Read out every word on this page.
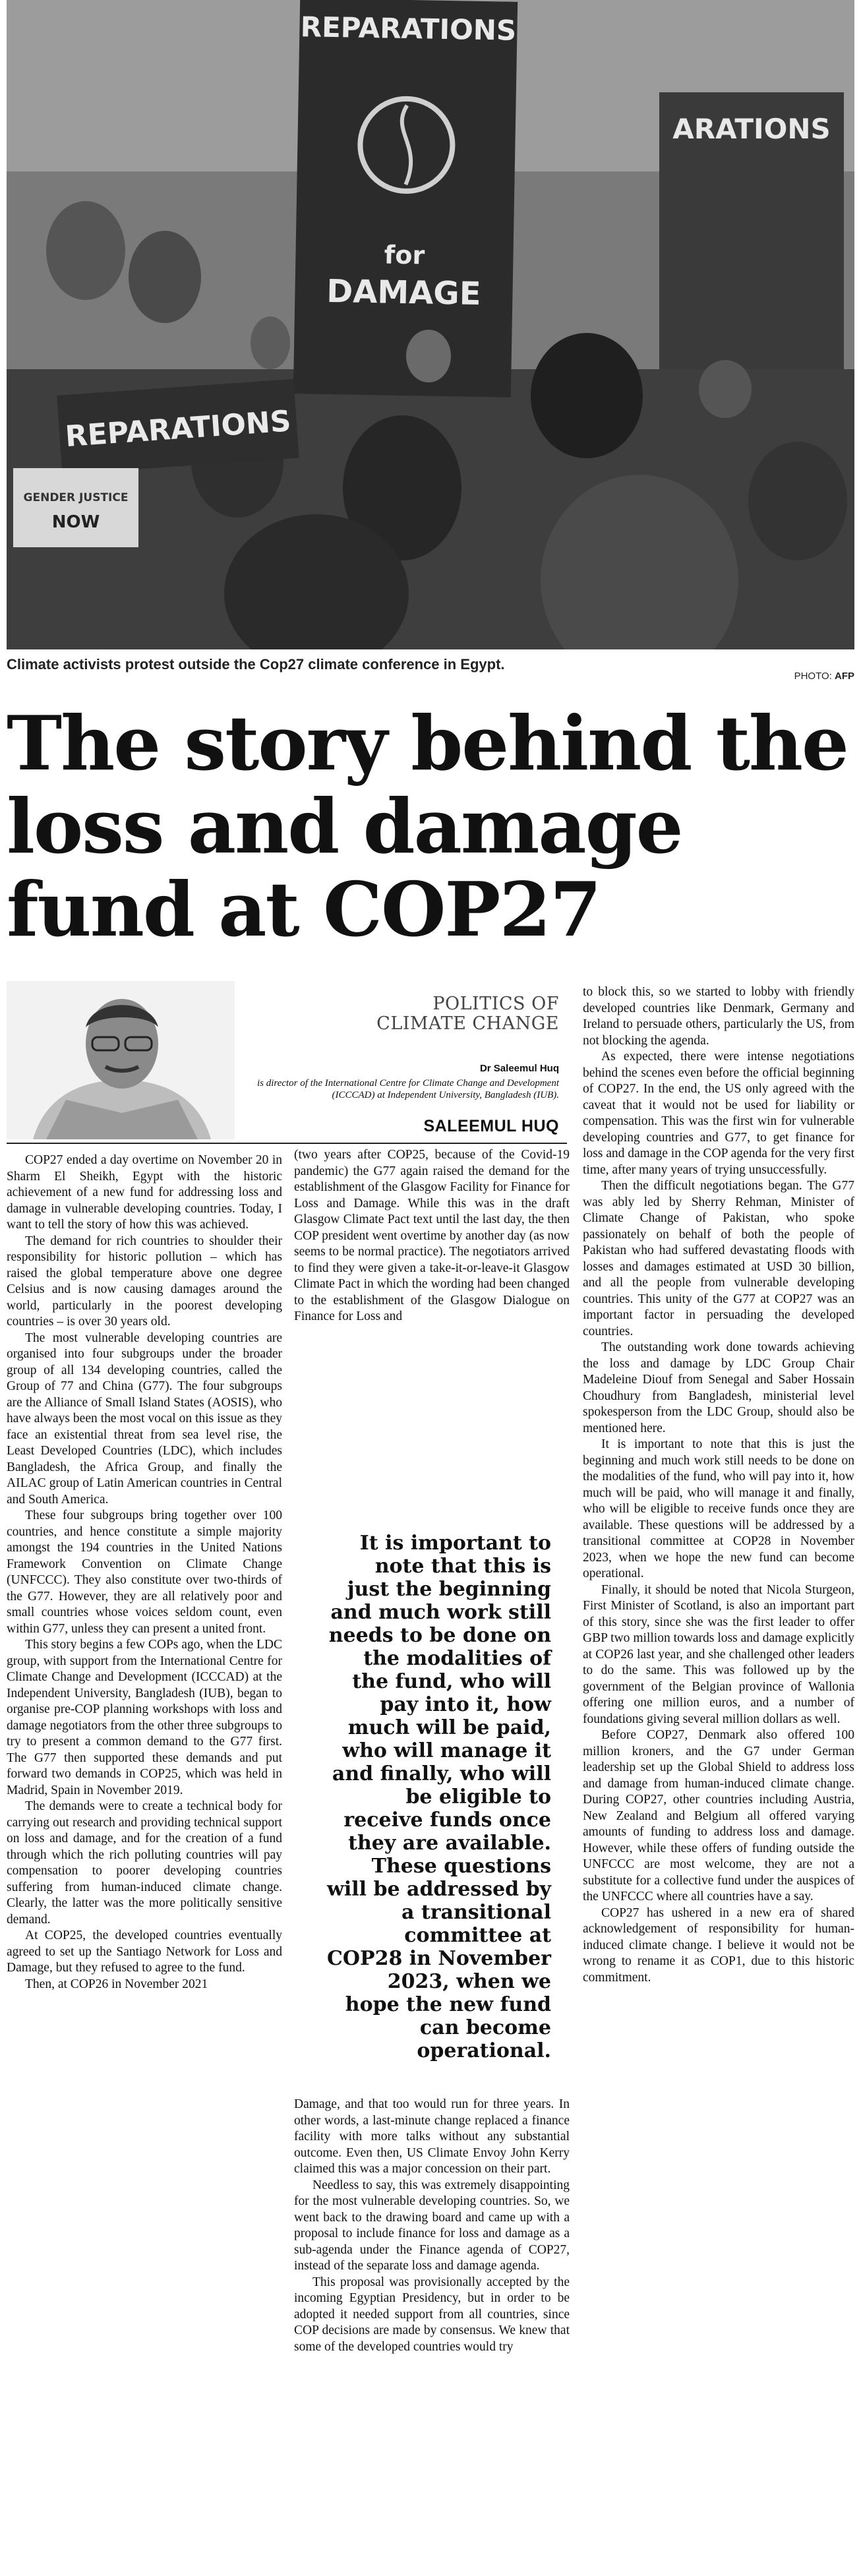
REPARATIONS
for
DAMAGE
ARATIONS
REPARATIONS
GENDER JUSTICE
NOW
Climate activists protest outside the Cop27 climate conference in Egypt.
PHOTO: AFP
The story behind the loss and damage fund at COP27
POLITICS OF
CLIMATE CHANGE
Dr Saleemul Huq
is director of the International Centre for Climate Change and Development (ICCCAD) at Independent University, Bangladesh (IUB).
SALEEMUL HUQ

COP27 ended a day overtime on November 20 in Sharm El Sheikh, Egypt with the historic achievement of a new fund for addressing loss and damage in vulnerable developing countries. Today, I want to tell the story of how this was achieved.

The demand for rich countries to shoulder their responsibility for historic pollution – which has raised the global temperature above one degree Celsius and is now causing damages around the world, particularly in the poorest developing countries – is over 30 years old.

The most vulnerable developing countries are organised into four subgroups under the broader group of all 134 developing countries, called the Group of 77 and China (G77). The four subgroups are the Alliance of Small Island States (AOSIS), who have always been the most vocal on this issue as they face an existential threat from sea level rise, the Least Developed Countries (LDC), which includes Bangladesh, the Africa Group, and finally the AILAC group of Latin American countries in Central and South America.

These four subgroups bring together over 100 countries, and hence constitute a simple majority amongst the 194 countries in the United Nations Framework Convention on Climate Change (UNFCCC). They also constitute over two-thirds of the G77. However, they are all relatively poor and small countries whose voices seldom count, even within G77, unless they can present a united front.

This story begins a few COPs ago, when the LDC group, with support from the International Centre for Climate Change and Development (ICCCAD) at the Independent University, Bangladesh (IUB), began to organise pre-COP planning workshops with loss and damage negotiators from the other three subgroups to try to present a common demand to the G77 first. The G77 then supported these demands and put forward two demands in COP25, which was held in Madrid, Spain in November 2019.

The demands were to create a technical body for carrying out research and providing technical support on loss and damage, and for the creation of a fund through which the rich polluting countries will pay compensation to poorer developing countries suffering from human-induced climate change. Clearly, the latter was the more politically sensitive demand.

At COP25, the developed countries eventually agreed to set up the Santiago Network for Loss and Damage, but they refused to agree to the fund.

Then, at COP26 in November 2021

(two years after COP25, because of the Covid-19 pandemic) the G77 again raised the demand for the establishment of the Glasgow Facility for Finance for Loss and Damage. While this was in the draft Glasgow Climate Pact text until the last day, the then COP president went overtime by another day (as now seems to be normal practice). The negotiators arrived to find they were given a take-it-or-leave-it Glasgow Climate Pact in which the wording had been changed to the establishment of the Glasgow Dialogue on Finance for Loss and

It is important to note that this is just the beginning and much work still needs to be done on the modalities of the fund, who will pay into it, how much will be paid, who will manage it and finally, who will be eligible to receive funds once they are available. These questions will be addressed by a transitional committee at COP28 in November 2023, when we hope the new fund can become operational.

Damage, and that too would run for three years. In other words, a last-minute change replaced a finance facility with more talks without any substantial outcome. Even then, US Climate Envoy John Kerry claimed this was a major concession on their part.

Needless to say, this was extremely disappointing for the most vulnerable developing countries. So, we went back to the drawing board and came up with a proposal to include finance for loss and damage as a sub-agenda under the Finance agenda of COP27, instead of the separate loss and damage agenda.

This proposal was provisionally accepted by the incoming Egyptian Presidency, but in order to be adopted it needed support from all countries, since COP decisions are made by consensus. We knew that some of the developed countries would try

to block this, so we started to lobby with friendly developed countries like Denmark, Germany and Ireland to persuade others, particularly the US, from not blocking the agenda.

As expected, there were intense negotiations behind the scenes even before the official beginning of COP27. In the end, the US only agreed with the caveat that it would not be used for liability or compensation. This was the first win for vulnerable developing countries and G77, to get finance for loss and damage in the COP agenda for the very first time, after many years of trying unsuccessfully.

Then the difficult negotiations began. The G77 was ably led by Sherry Rehman, Minister of Climate Change of Pakistan, who spoke passionately on behalf of both the people of Pakistan who had suffered devastating floods with losses and damages estimated at USD 30 billion, and all the people from vulnerable developing countries. This unity of the G77 at COP27 was an important factor in persuading the developed countries.

The outstanding work done towards achieving the loss and damage by LDC Group Chair Madeleine Diouf from Senegal and Saber Hossain Choudhury from Bangladesh, ministerial level spokesperson from the LDC Group, should also be mentioned here.

It is important to note that this is just the beginning and much work still needs to be done on the modalities of the fund, who will pay into it, how much will be paid, who will manage it and finally, who will be eligible to receive funds once they are available. These questions will be addressed by a transitional committee at COP28 in November 2023, when we hope the new fund can become operational.

Finally, it should be noted that Nicola Sturgeon, First Minister of Scotland, is also an important part of this story, since she was the first leader to offer GBP two million towards loss and damage explicitly at COP26 last year, and she challenged other leaders to do the same. This was followed up by the government of the Belgian province of Wallonia offering one million euros, and a number of foundations giving several million dollars as well.

Before COP27, Denmark also offered 100 million kroners, and the G7 under German leadership set up the Global Shield to address loss and damage from human-induced climate change. During COP27, other countries including Austria, New Zealand and Belgium all offered varying amounts of funding to address loss and damage. However, while these offers of funding outside the UNFCCC are most welcome, they are not a substitute for a collective fund under the auspices of the UNFCCC where all countries have a say.

COP27 has ushered in a new era of shared acknowledgement of responsibility for human-induced climate change. I believe it would not be wrong to rename it as COP1, due to this historic commitment.
